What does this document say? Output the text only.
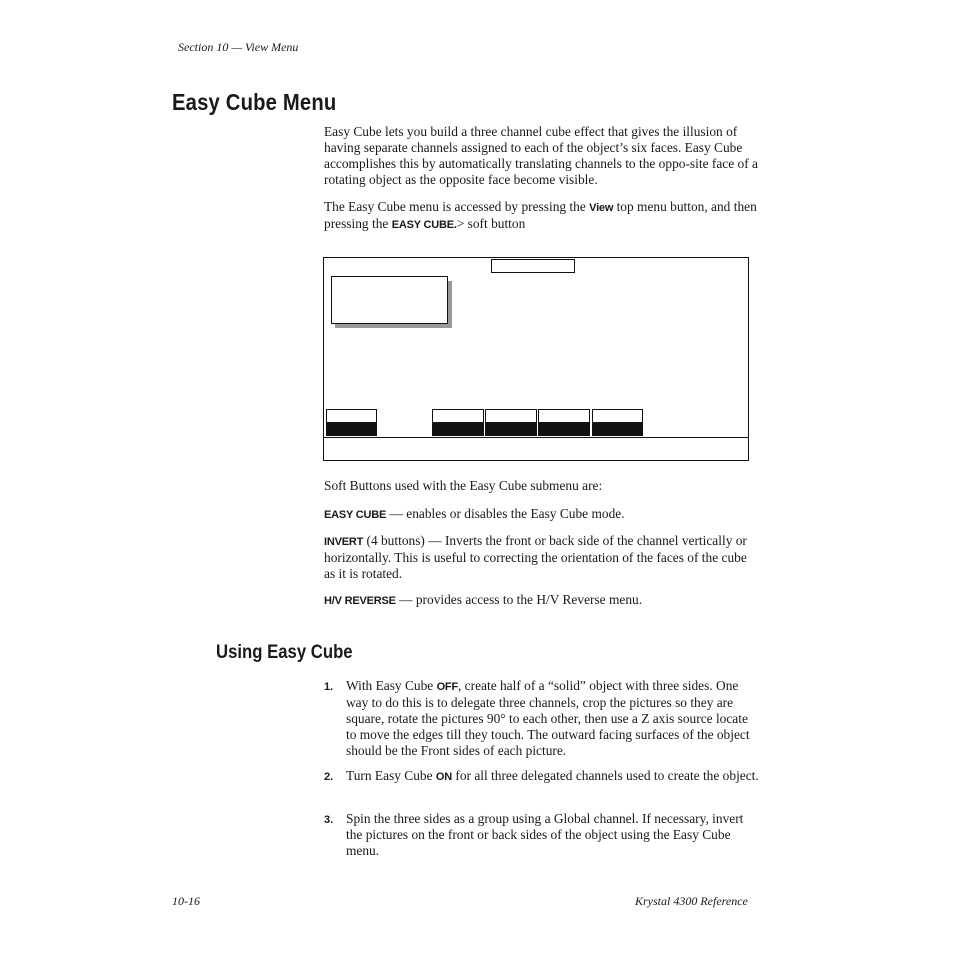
Section 10 — View Menu
Easy Cube Menu
Easy Cube lets you build a three channel cube effect that gives the illusion of having separate channels assigned to each of the object’s six faces. Easy Cube accomplishes this by automatically translating channels to the oppo-site face of a rotating object as the opposite face become visible.
The Easy Cube menu is accessed by pressing the View top menu button, and then pressing the EASY CUBE.> soft button
Soft Buttons used with the Easy Cube submenu are:
EASY CUBE — enables or disables the Easy Cube mode.
INVERT (4 buttons) — Inverts the front or back side of the channel vertically or horizontally. This is useful to correcting the orientation of the faces of the cube as it is rotated.
H/V REVERSE — provides access to the H/V Reverse menu.
Using Easy Cube
1. With Easy Cube OFF, create half of a “solid” object with three sides. One way to do this is to delegate three channels, crop the pictures so they are square, rotate the pictures 90° to each other, then use a Z axis source locate to move the edges till they touch. The outward facing surfaces of the object should be the Front sides of each picture.
2. Turn Easy Cube ON for all three delegated channels used to create the object.
3. Spin the three sides as a group using a Global channel. If necessary, invert the pictures on the front or back sides of the object using the Easy Cube menu.
10-16	Krystal 4300 Reference
